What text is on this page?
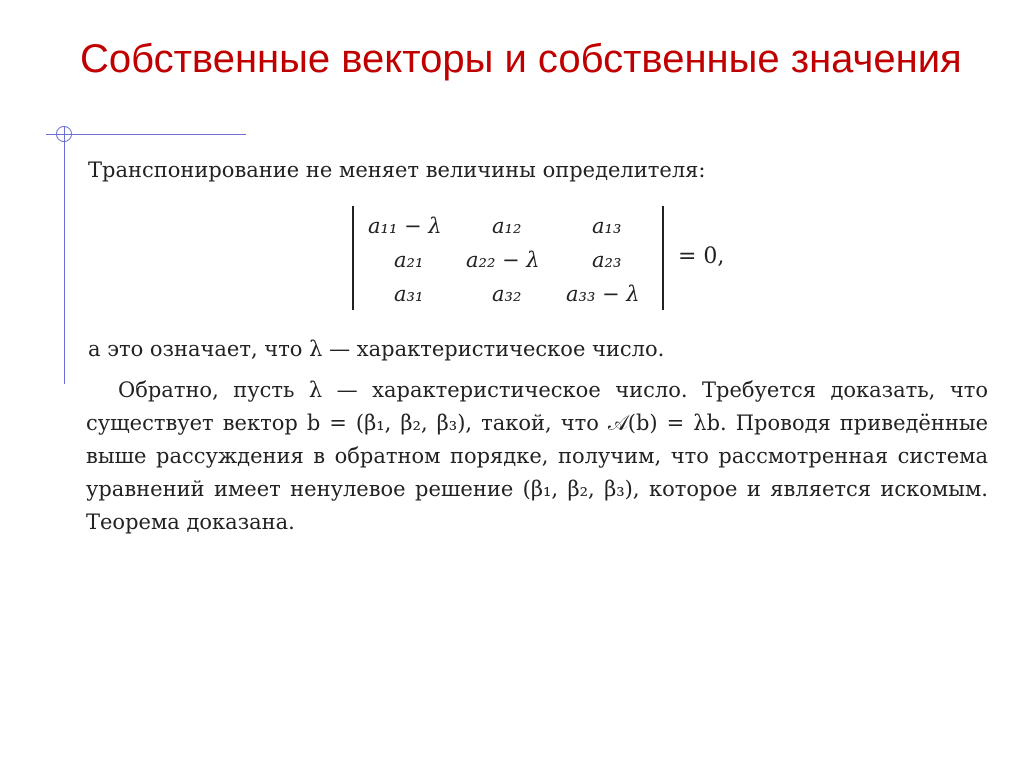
Собственные векторы и собственные значения
Транспонирование не меняет величины определителя:
a₁₁ − λ a₁₂	a₁₃
a₂₁ a₂₂ − λ a₂₃
a₃₁	a₃₂ a₃₃ − λ
= 0,
а это означает, что λ — характеристическое число.

Обратно, пусть λ — характеристическое число. Требуется доказать, что существует вектор b = (β₁, β₂, β₃), такой, что 𝒜(b) = λb. Проводя приведённые выше рассуждения в обратном порядке, получим, что рассмотренная система уравнений имеет ненулевое решение (β₁, β₂, β₃), которое и является искомым. Теорема доказана.
